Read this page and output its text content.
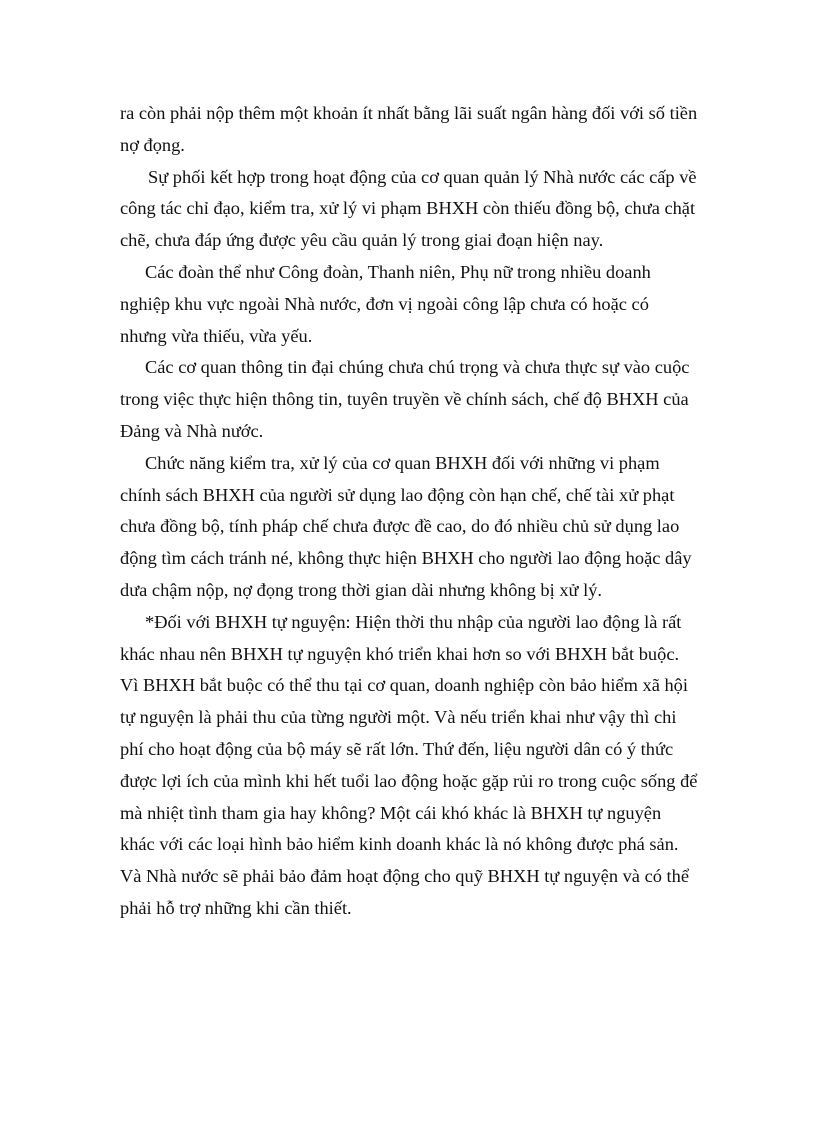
ra còn phải nộp thêm một khoản ít nhất bằng lãi suất ngân hàng đối với số tiền nợ đọng.

Sự phối kết hợp trong hoạt động của cơ quan quản lý Nhà nước các cấp về công tác chỉ đạo, kiểm tra, xử lý vi phạm BHXH còn thiếu đồng bộ, chưa chặt chẽ, chưa đáp ứng được yêu cầu quản lý trong giai đoạn hiện nay.

Các đoàn thể như Công đoàn, Thanh niên, Phụ nữ trong nhiều doanh nghiệp khu vực ngoài Nhà nước, đơn vị ngoài công lập chưa có hoặc có nhưng vừa thiếu, vừa yếu.

Các cơ quan thông tin đại chúng chưa chú trọng và chưa thực sự vào cuộc trong việc thực hiện thông tin, tuyên truyền về chính sách, chế độ BHXH của Đảng và Nhà nước.

Chức năng kiểm tra, xử lý của cơ quan BHXH đối với những vi phạm chính sách BHXH của người sử dụng lao động còn hạn chế, chế tài xử phạt chưa đồng bộ, tính pháp chế chưa được đề cao, do đó nhiều chủ sử dụng lao động tìm cách tránh né, không thực hiện BHXH cho người lao động hoặc dây dưa chậm nộp, nợ đọng trong thời gian dài nhưng không bị xử lý.

*Đối với BHXH tự nguyện: Hiện thời thu nhập của người lao động là rất khác nhau nên BHXH tự nguyện khó triển khai hơn so với BHXH bắt buộc. Vì BHXH bắt buộc có thể thu tại cơ quan, doanh nghiệp còn bảo hiểm xã hội tự nguyện là phải thu của từng người một. Và nếu triển khai như vậy thì chi phí cho hoạt động của bộ máy sẽ rất lớn. Thứ đến, liệu người dân có ý thức được lợi ích của mình khi hết tuổi lao động hoặc gặp rủi ro trong cuộc sống để mà nhiệt tình tham gia hay không? Một cái khó khác là BHXH tự nguyện khác với các loại hình bảo hiểm kinh doanh khác là nó không được phá sản. Và Nhà nước sẽ phải bảo đảm hoạt động cho quỹ BHXH tự nguyện và có thể phải hỗ trợ những khi cần thiết.
